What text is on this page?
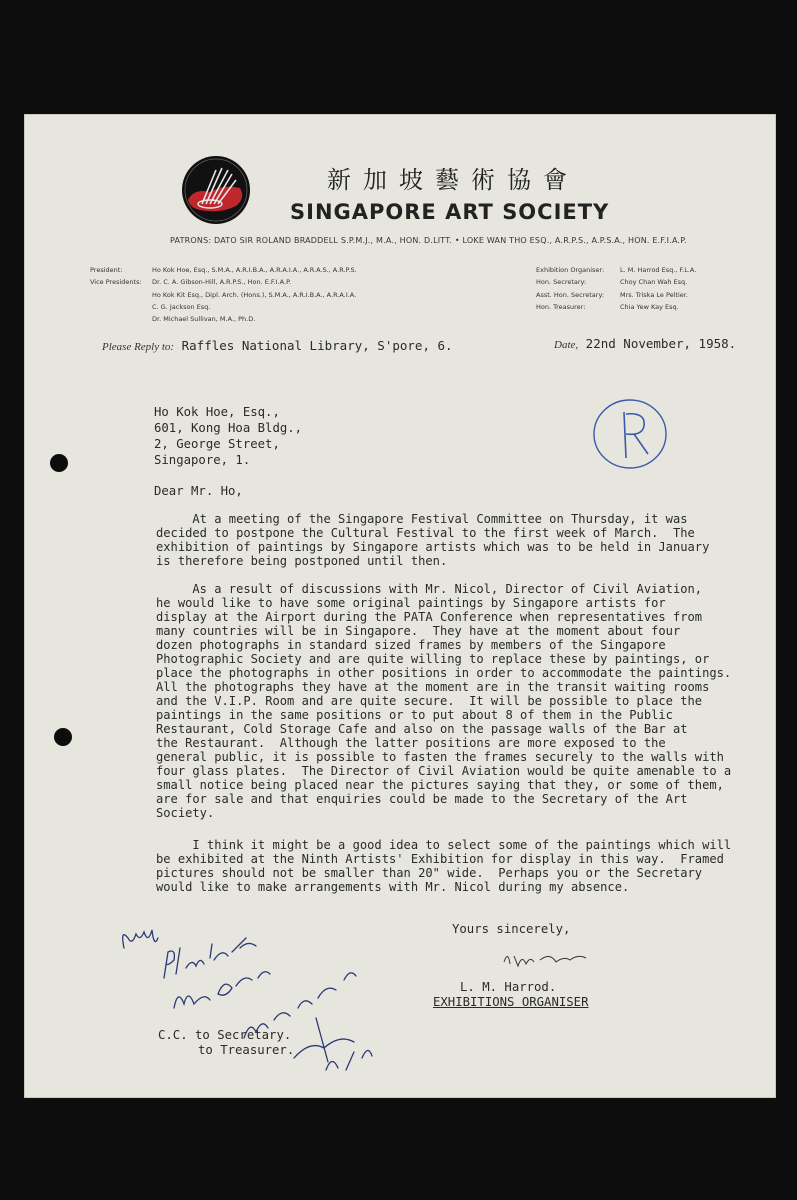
新加坡藝術協會
SINGAPORE ART SOCIETY
PATRONS: DATO SIR ROLAND BRADDELL S.P.M.J., M.A., HON. D.LITT. • LOKE WAN THO ESQ., A.R.P.S., A.P.S.A., HON. E.F.I.A.P.
President:	Ho Kok Hoe, Esq., S.M.A., A.R.I.B.A., A.R.A.I.A., A.R.A.S., A.R.P.S.
Vice Presidents: Dr. C. A. Gibson-Hill, A.R.P.S., Hon. E.F.I.A.P.
Ho Kok Kit Esq., Dipl. Arch. (Hons.), S.M.A., A.R.I.B.A., A.R.A.I.A.
C. G. Jackson Esq.
Dr. Michael Sullivan, M.A., Ph.D.
Exhibition Organiser: L. M. Harrod Esq., F.L.A.
Hon. Secretary:	Choy Chan Wah Esq.
Asst. Hon. Secretary: Mrs. Triska Le Peltier.
Hon. Treasurer:	Chia Yew Kay Esq.
Please Reply to: Raffles National Library, S'pore, 6.	Date, 22nd November, 1958.
Ho Kok Hoe, Esq.,
601, Kong Hoa Bldg.,
2, George Street,
Singapore, 1.
Dear Mr. Ho,

At a meeting of the Singapore Festival Committee on Thursday, it was
decided to postpone the Cultural Festival to the first week of March.  The
exhibition of paintings by Singapore artists which was to be held in January
is therefore being postponed until then.

As a result of discussions with Mr. Nicol, Director of Civil Aviation,
he would like to have some original paintings by Singapore artists for
display at the Airport during the PATA Conference when representatives from
many countries will be in Singapore.  They have at the moment about four
dozen photographs in standard sized frames by members of the Singapore
Photographic Society and are quite willing to replace these by paintings, or
place the photographs in other positions in order to accommodate the paintings.
All the photographs they have at the moment are in the transit waiting rooms
and the V.I.P. Room and are quite secure.  It will be possible to place the
paintings in the same positions or to put about 8 of them in the Public
Restaurant, Cold Storage Cafe and also on the passage walls of the Bar at
the Restaurant.  Although the latter positions are more exposed to the
general public, it is possible to fasten the frames securely to the walls with
four glass plates.  The Director of Civil Aviation would be quite amenable to a
small notice being placed near the pictures saying that they, or some of them,
are for sale and that enquiries could be made to the Secretary of the Art
Society.

I think it might be a good idea to select some of the paintings which will
be exhibited at the Ninth Artists' Exhibition for display in this way.  Framed
pictures should not be smaller than 20" wide.  Perhaps you or the Secretary
would like to make arrangements with Mr. Nicol during my absence.

Yours sincerely,
L. M. Harrod.
EXHIBITIONS ORGANISER
C.C. to Secretary.
to Treasurer.
Lucy, Pl. ask to see Mr Choy on me about this
22.11.58
